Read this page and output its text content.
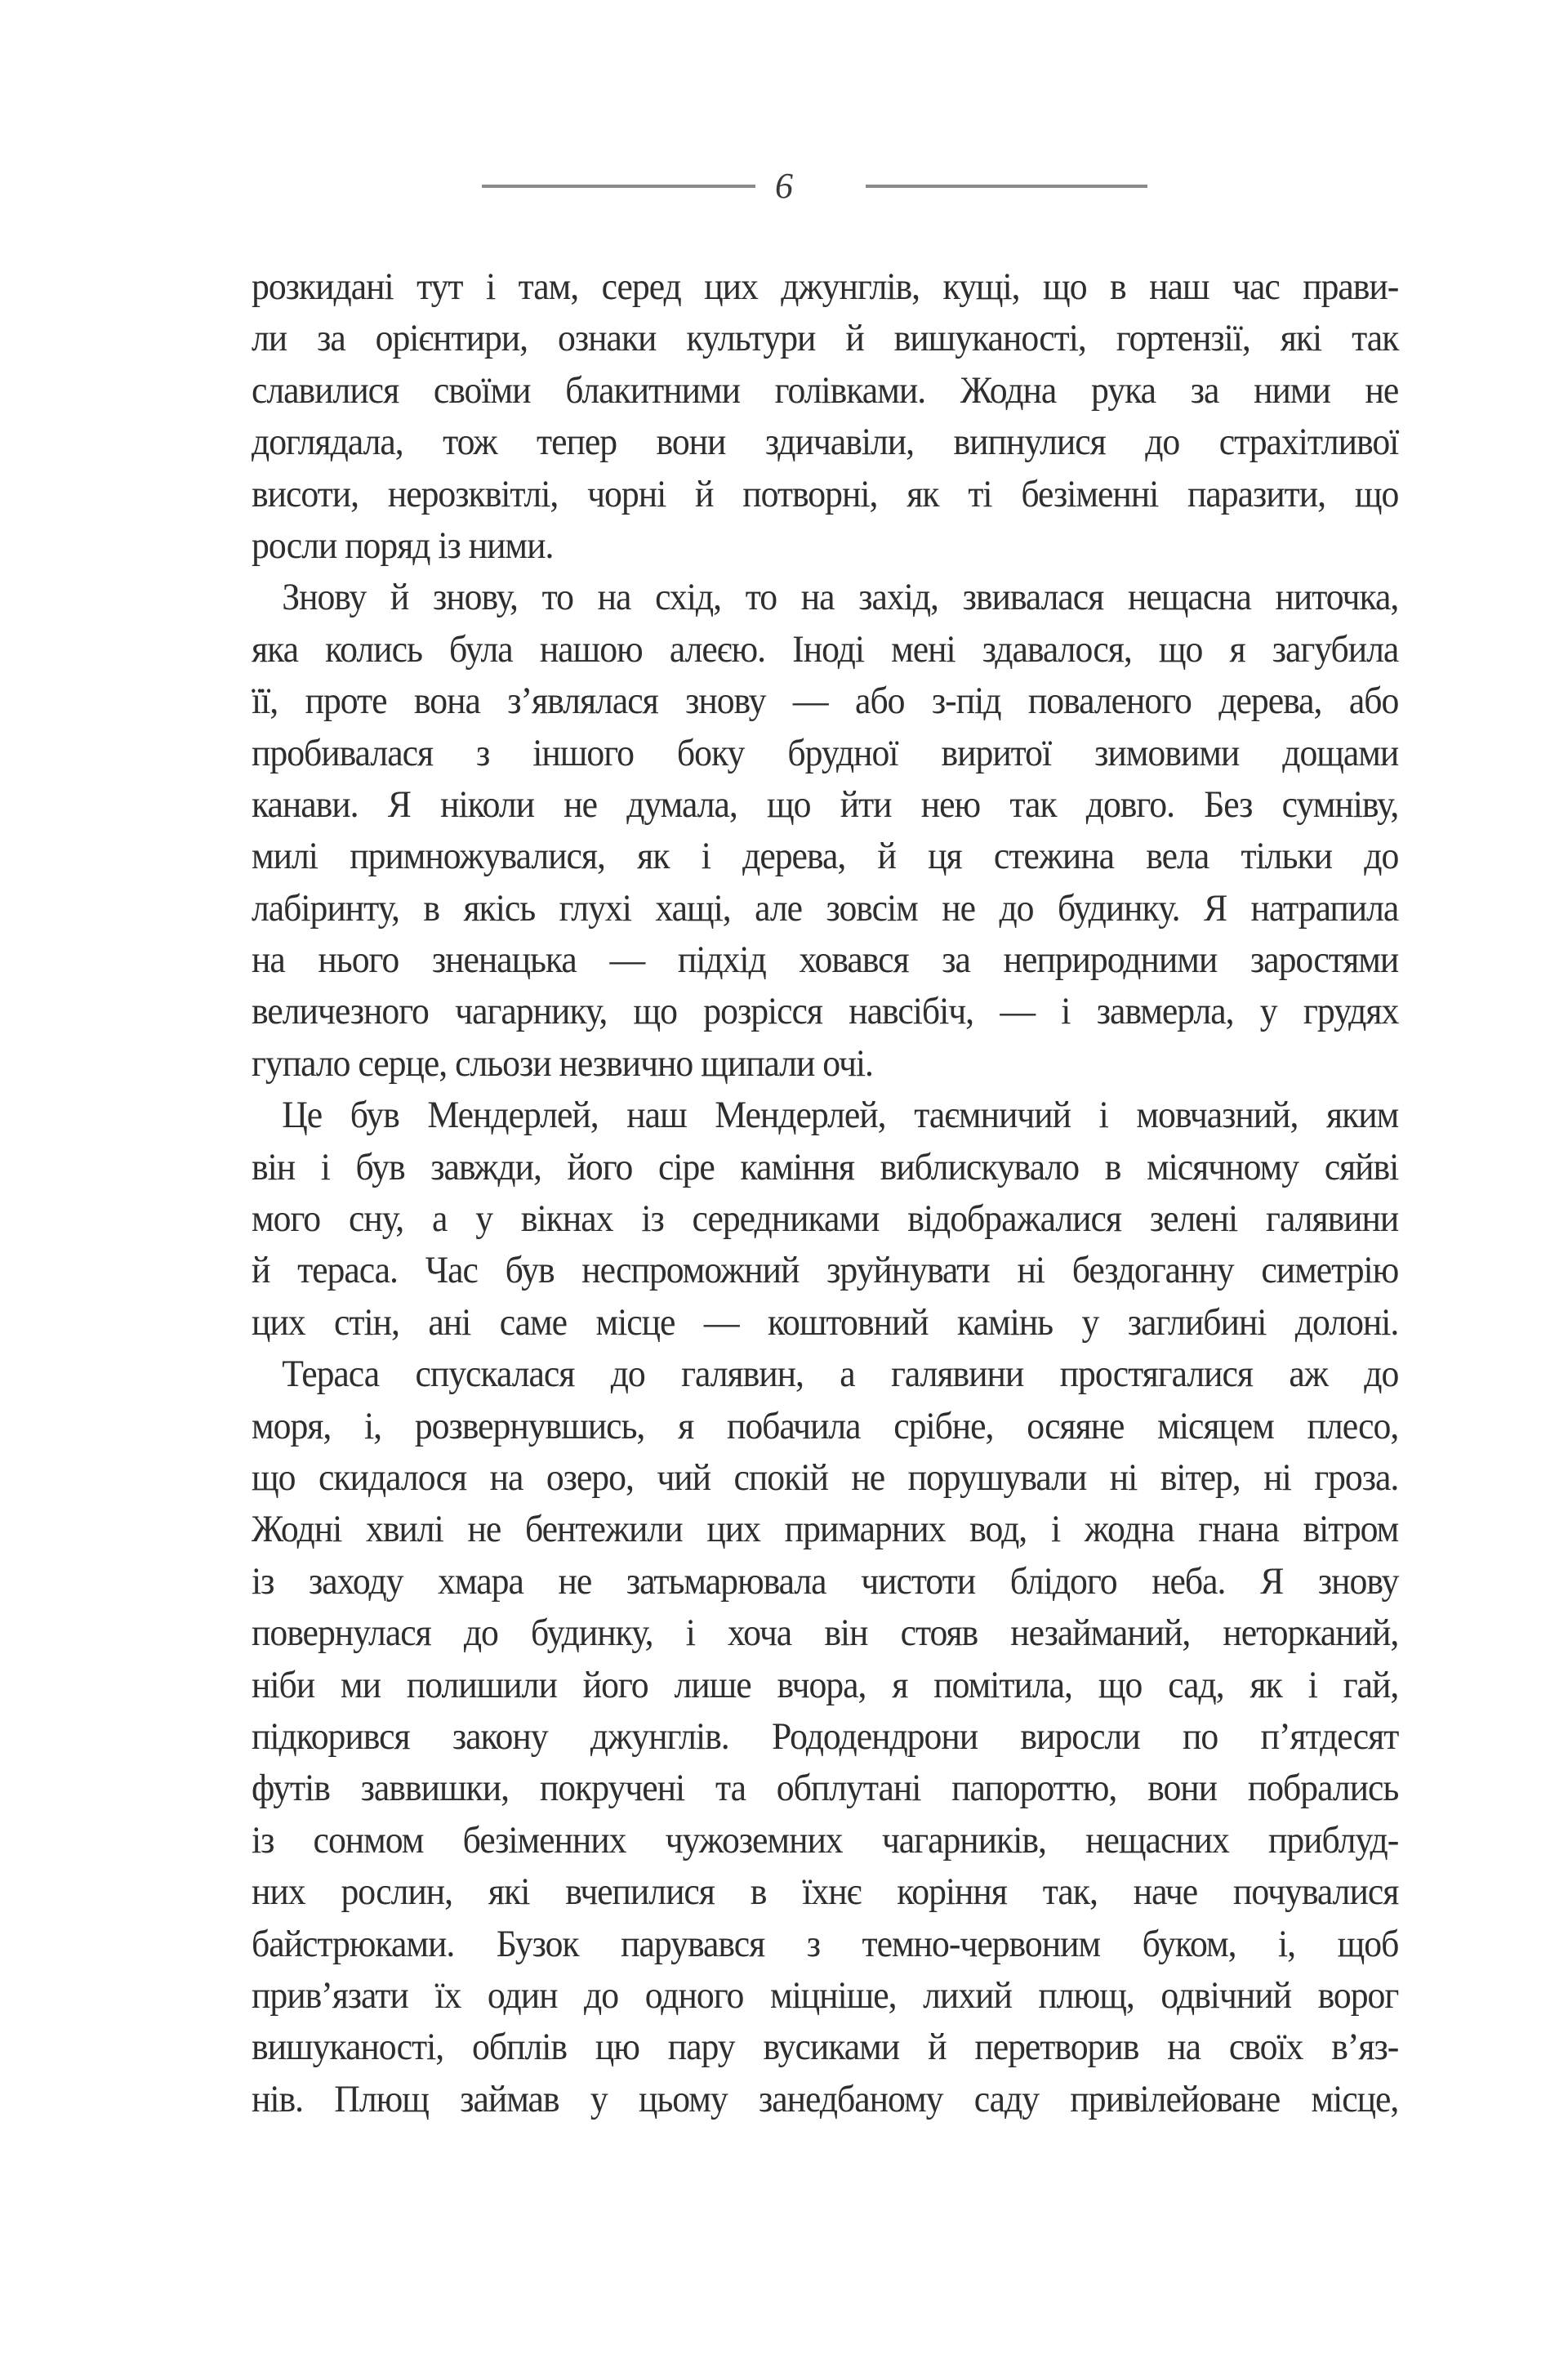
6
розкидані тут і там, серед цих джунглів, кущі, що в наш час прави-
ли за орієнтири, ознаки культури й вишуканості, гортензії, які так
славилися своїми блакитними голівками. Жодна рука за ними не
доглядала, тож тепер вони здичавіли, випнулися до страхітливої
висоти, нерозквітлі, чорні й потворні, як ті безіменні паразити, що
росли поряд із ними.
Знову й знову, то на схід, то на захід, звивалася нещасна ниточка,
яка колись була нашою алеєю. Іноді мені здавалося, що я загубила
її, проте вона з’являлася знову — або з-під поваленого дерева, або
пробивалася з іншого боку брудної виритої зимовими дощами
канави. Я ніколи не думала, що йти нею так довго. Без сумніву,
милі примножувалися, як і дерева, й ця стежина вела тільки до
лабіринту, в якісь глухі хащі, але зовсім не до будинку. Я натрапила
на нього зненацька — підхід ховався за неприродними заростями
величезного чагарнику, що розрісся навсібіч, — і завмерла, у грудях
гупало серце, сльози незвично щипали очі.
Це був Мендерлей, наш Мендерлей, таємничий і мовчазний, яким
він і був завжди, його сіре каміння виблискувало в місячному сяйві
мого сну, а у вікнах із середниками відображалися зелені галявини
й тераса. Час був неспроможний зруйнувати ні бездоганну симетрію
цих стін, ані саме місце — коштовний камінь у заглибині долоні.
Тераса спускалася до галявин, а галявини простягалися аж до
моря, і, розвернувшись, я побачила срібне, осяяне місяцем плесо,
що скидалося на озеро, чий спокій не порушували ні вітер, ні гроза.
Жодні хвилі не бентежили цих примарних вод, і жодна гнана вітром
із заходу хмара не затьмарювала чистоти блідого неба. Я знову
повернулася до будинку, і хоча він стояв незайманий, неторканий,
ніби ми полишили його лише вчора, я помітила, що сад, як і гай,
підкорився закону джунглів. Рододендрони виросли по п’ятдесят
футів заввишки, покручені та обплутані папороттю, вони побрались
із сонмом безіменних чужоземних чагарників, нещасних приблуд-
них рослин, які вчепилися в їхнє коріння так, наче почувалися
байстрюками. Бузок парувався з темно-червоним буком, і, щоб
прив’язати їх один до одного міцніше, лихий плющ, одвічний ворог
вишуканості, обплів цю пару вусиками й перетворив на своїх в’яз-
нів. Плющ займав у цьому занедбаному саду привілейоване місце,
